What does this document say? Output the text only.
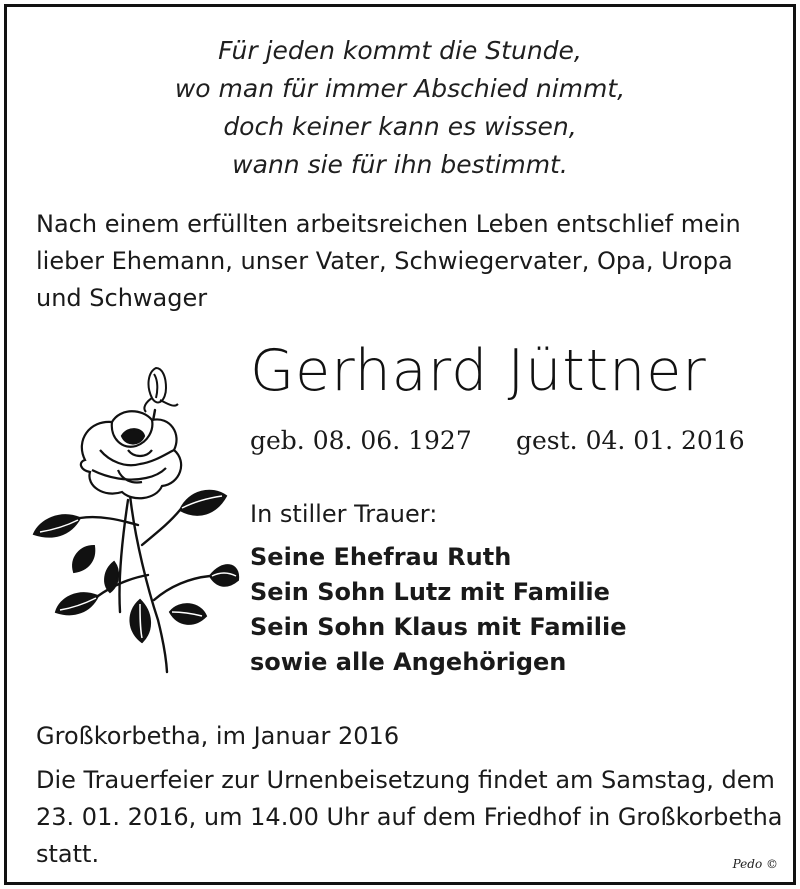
Für jeden kommt die Stunde,
wo man für immer Abschied nimmt,
doch keiner kann es wissen,
wann sie für ihn bestimmt.
Nach einem erfüllten arbeitsreichen Leben entschlief mein
lieber Ehemann, unser Vater, Schwiegervater, Opa, Uropa
und Schwager
Gerhard Jüttner
geb. 08. 06. 1927 gest. 04. 01. 2016
In stiller Trauer:
Seine Ehefrau Ruth
Sein Sohn Lutz mit Familie
Sein Sohn Klaus mit Familie
sowie alle Angehörigen
Großkorbetha, im Januar 2016
Die Trauerfeier zur Urnenbeisetzung findet am Samstag, dem
23. 01. 2016, um 14.00 Uhr auf dem Friedhof in Großkorbetha
statt.	Pedo ©
